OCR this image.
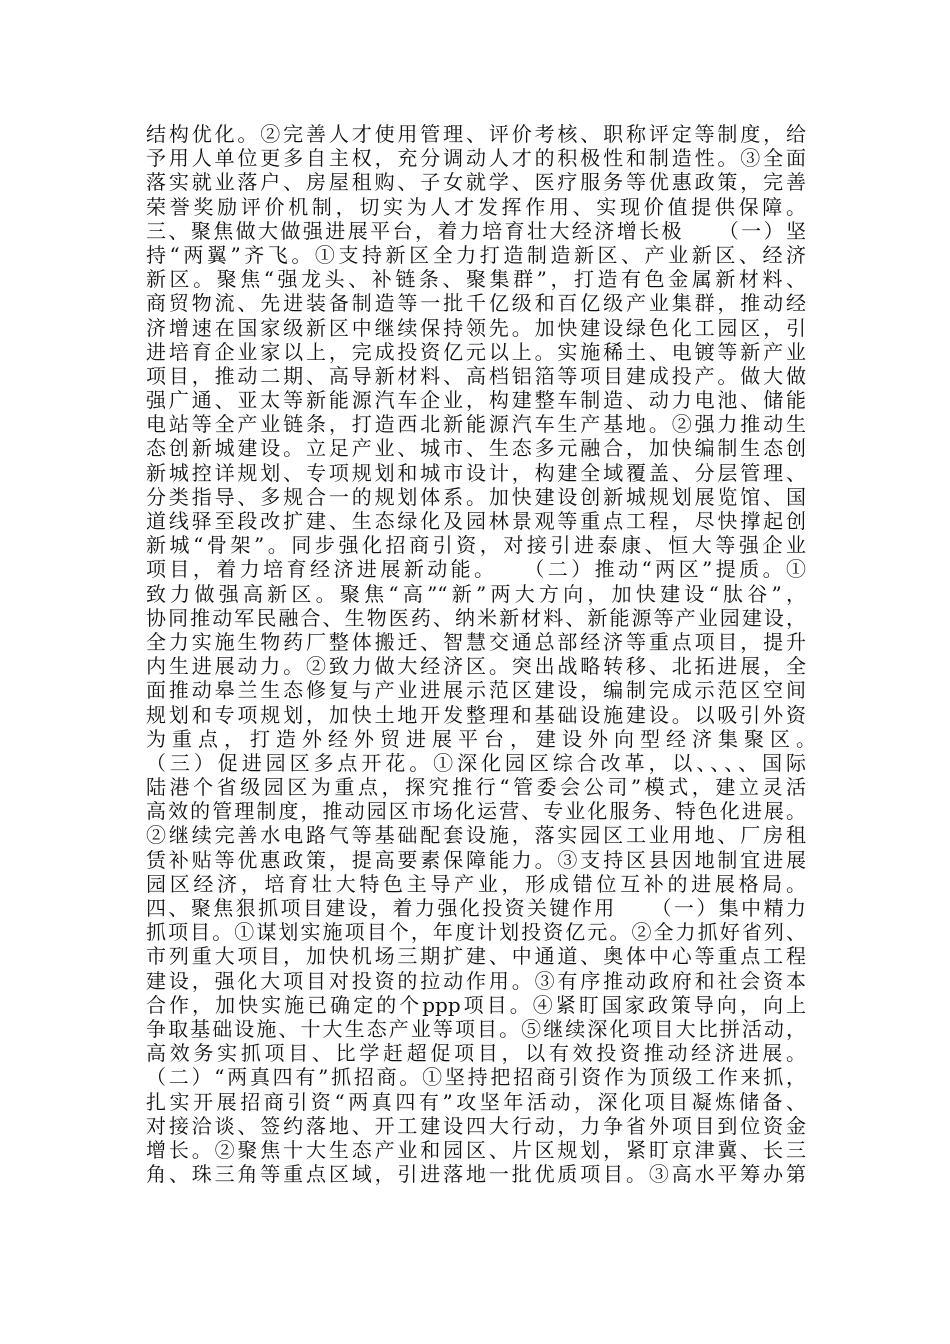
结构优化。②完善人才使用管理、评价考核、职称评定等制度，给
予用人单位更多自主权，充分调动人才的积极性和制造性。③全面
落实就业落户、房屋租购、子女就学、医疗服务等优惠政策，完善
荣誉奖励评价机制，切实为人才发挥作用、实现价值提供保障。
三、聚焦做大做强进展平台，着力培育壮大经济增长极　　（一）坚
持“两翼”齐飞。①支持新区全力打造制造新区、产业新区、经济
新区。聚焦“强龙头、补链条、聚集群”，打造有色金属新材料、
商贸物流、先进装备制造等一批千亿级和百亿级产业集群，推动经
济增速在国家级新区中继续保持领先。加快建设绿色化工园区，引
进培育企业家以上，完成投资亿元以上。实施稀土、电镀等新产业
项目，推动二期、高导新材料、高档铝箔等项目建成投产。做大做
强广通、亚太等新能源汽车企业，构建整车制造、动力电池、储能
电站等全产业链条，打造西北新能源汽车生产基地。②强力推动生
态创新城建设。立足产业、城市、生态多元融合，加快编制生态创
新城控详规划、专项规划和城市设计，构建全域覆盖、分层管理、
分类指导、多规合一的规划体系。加快建设创新城规划展览馆、国
道线驿至段改扩建、生态绿化及园林景观等重点工程，尽快撑起创
新城“骨架”。同步强化招商引资，对接引进泰康、恒大等强企业
项目，着力培育经济进展新动能。　　（二）推动“两区”提质。①
致力做强高新区。聚焦“高”“新”两大方向，加快建设“肽谷”，
协同推动军民融合、生物医药、纳米新材料、新能源等产业园建设，
全力实施生物药厂整体搬迁、智慧交通总部经济等重点项目，提升
内生进展动力。②致力做大经济区。突出战略转移、北拓进展，全
面推动皋兰生态修复与产业进展示范区建设，编制完成示范区空间
规划和专项规划，加快土地开发整理和基础设施建设。以吸引外资
为重点，打造外经外贸进展平台，建设外向型经济集聚区。　　
（三）促进园区多点开花。①深化园区综合改革，以、、、、国际
陆港个省级园区为重点，探究推行“管委会公司”模式，建立灵活
高效的管理制度，推动园区市场化运营、专业化服务、特色化进展。
②继续完善水电路气等基础配套设施，落实园区工业用地、厂房租
赁补贴等优惠政策，提高要素保障能力。③支持区县因地制宜进展
园区经济，培育壮大特色主导产业，形成错位互补的进展格局。
四、聚焦狠抓项目建设，着力强化投资关键作用　　（一）集中精力
抓项目。①谋划实施项目个，年度计划投资亿元。②全力抓好省列、
市列重大项目，加快机场三期扩建、中通道、奥体中心等重点工程
建设，强化大项目对投资的拉动作用。③有序推动政府和社会资本
合作，加快实施已确定的个ppp项目。④紧盯国家政策导向，向上
争取基础设施、十大生态产业等项目。⑤继续深化项目大比拼活动，
高效务实抓项目、比学赶超促项目，以有效投资推动经济进展。
（二）“两真四有”抓招商。①坚持把招商引资作为顶级工作来抓，
扎实开展招商引资“两真四有”攻坚年活动，深化项目凝炼储备、
对接洽谈、签约落地、开工建设四大行动，力争省外项目到位资金
增长。②聚焦十大生态产业和园区、片区规划，紧盯京津冀、长三
角、珠三角等重点区域，引进落地一批优质项目。③高水平筹办第
